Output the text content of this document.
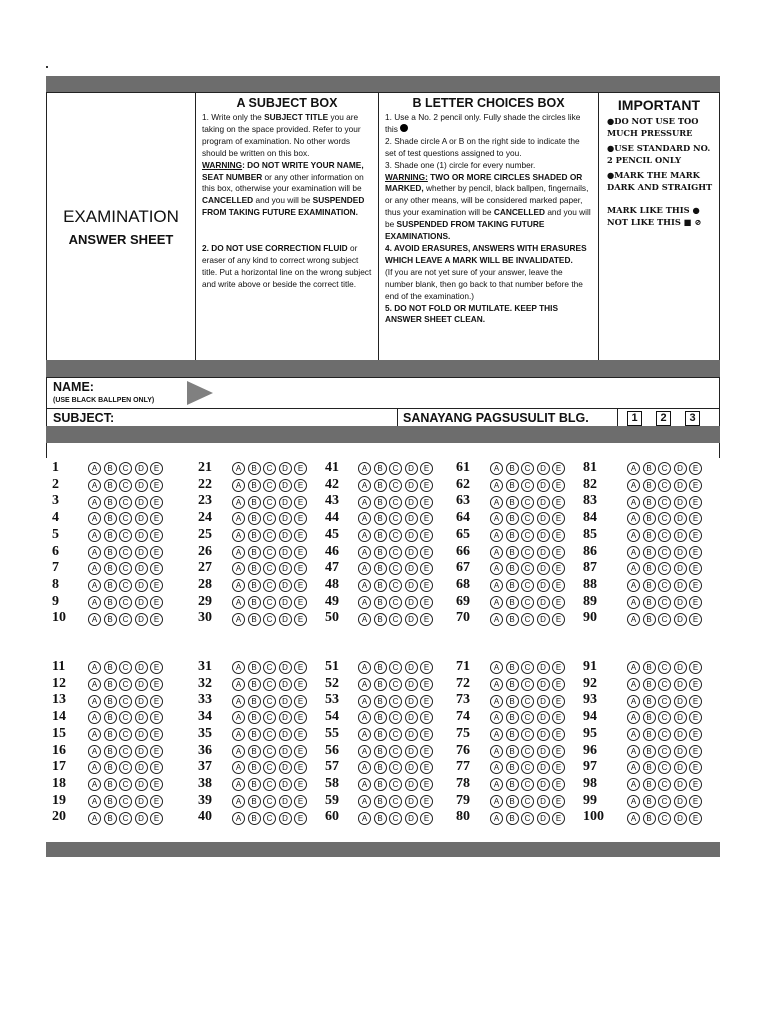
EXAMINATION
ANSWER SHEET
A SUBJECT BOX
1. Write only the SUBJECT TITLE you are taking on the space provided. Refer to your program of examination. No other words should be written on this box.
WARNING: DO NOT WRITE YOUR NAME, SEAT NUMBER or any other information on this box, otherwise your examination will be CANCELLED and you will be SUSPENDED FROM TAKING FUTURE EXAMINATION.

2. DO NOT USE CORRECTION FLUID or eraser of any kind to correct wrong subject title. Put a horizontal line on the wrong subject and write above or beside the correct title.
B LETTER CHOICES BOX
1. Use a No. 2 pencil only. Fully shade the circles like this
2. Shade circle A or B on the right side to indicate the set of test questions assigned to you.
3. Shade one (1) circle for every number.
WARNING: TWO OR MORE CIRCLES SHADED OR MARKED, whether by pencil, black ballpen, fingernails, or any other means, will be considered marked paper, thus your examination will be CANCELLED and you will be SUSPENDED FROM TAKING FUTURE EXAMINATIONS.
4. AVOID ERASURES, ANSWERS WITH ERASURES WHICH LEAVE A MARK WILL BE INVALIDATED.
(If you are not yet sure of your answer, leave the number blank, then go back to that number before the end of the examination.)
5. DO NOT FOLD OR MUTILATE. KEEP THIS ANSWER SHEET CLEAN.
IMPORTANT
●DO NOT USE TOO MUCH PRESSURE
●USE STANDARD NO. 2 PENCIL ONLY
●MARK THE MARK DARK AND STRAIGHT
MARK LIKE THIS ●
NOT LIKE THIS ■ ⊘
NAME:
(USE BLACK BALLPEN ONLY)
SUBJECT:	SANAYANG PAGSUSULIT BLG.	1	2	3
1	A B C D E
2	A B C D E
3	A B C D E
4	A B C D E
5	A B C D E
6	A B C D E
7	A B C D E
8	A B C D E
9	A B C D E
10	A B C D E
11	A B C D E
12	A B C D E
13	A B C D E
14	A B C D E
15	A B C D E
16	A B C D E
17	A B C D E
18	A B C D E
19	A B C D E
20	A B C D E
21	A B C D E
22	A B C D E
23	A B C D E
24	A B C D E
25	A B C D E
26	A B C D E
27	A B C D E
28	A B C D E
29	A B C D E
30	A B C D E
31	A B C D E
32	A B C D E
33	A B C D E
34	A B C D E
35	A B C D E
36	A B C D E
37	A B C D E
38	A B C D E
39	A B C D E
40	A B C D E
41	A B C D E
42	A B C D E
43	A B C D E
44	A B C D E
45	A B C D E
46	A B C D E
47	A B C D E
48	A B C D E
49	A B C D E
50	A B C D E
51	A B C D E
52	A B C D E
53	A B C D E
54	A B C D E
55	A B C D E
56	A B C D E
57	A B C D E
58	A B C D E
59	A B C D E
60	A B C D E
61	A B C D E
62	A B C D E
63	A B C D E
64	A B C D E
65	A B C D E
66	A B C D E
67	A B C D E
68	A B C D E
69	A B C D E
70	A B C D E
71	A B C D E
72	A B C D E
73	A B C D E
74	A B C D E
75	A B C D E
76	A B C D E
77	A B C D E
78	A B C D E
79	A B C D E
80	A B C D E
81	A B C D E
82	A B C D E
83	A B C D E
84	A B C D E
85	A B C D E
86	A B C D E
87	A B C D E
88	A B C D E
89	A B C D E
90	A B C D E
91	A B C D E
92	A B C D E
93	A B C D E
94	A B C D E
95	A B C D E
96	A B C D E
97	A B C D E
98	A B C D E
99	A B C D E
100	A B C D E
